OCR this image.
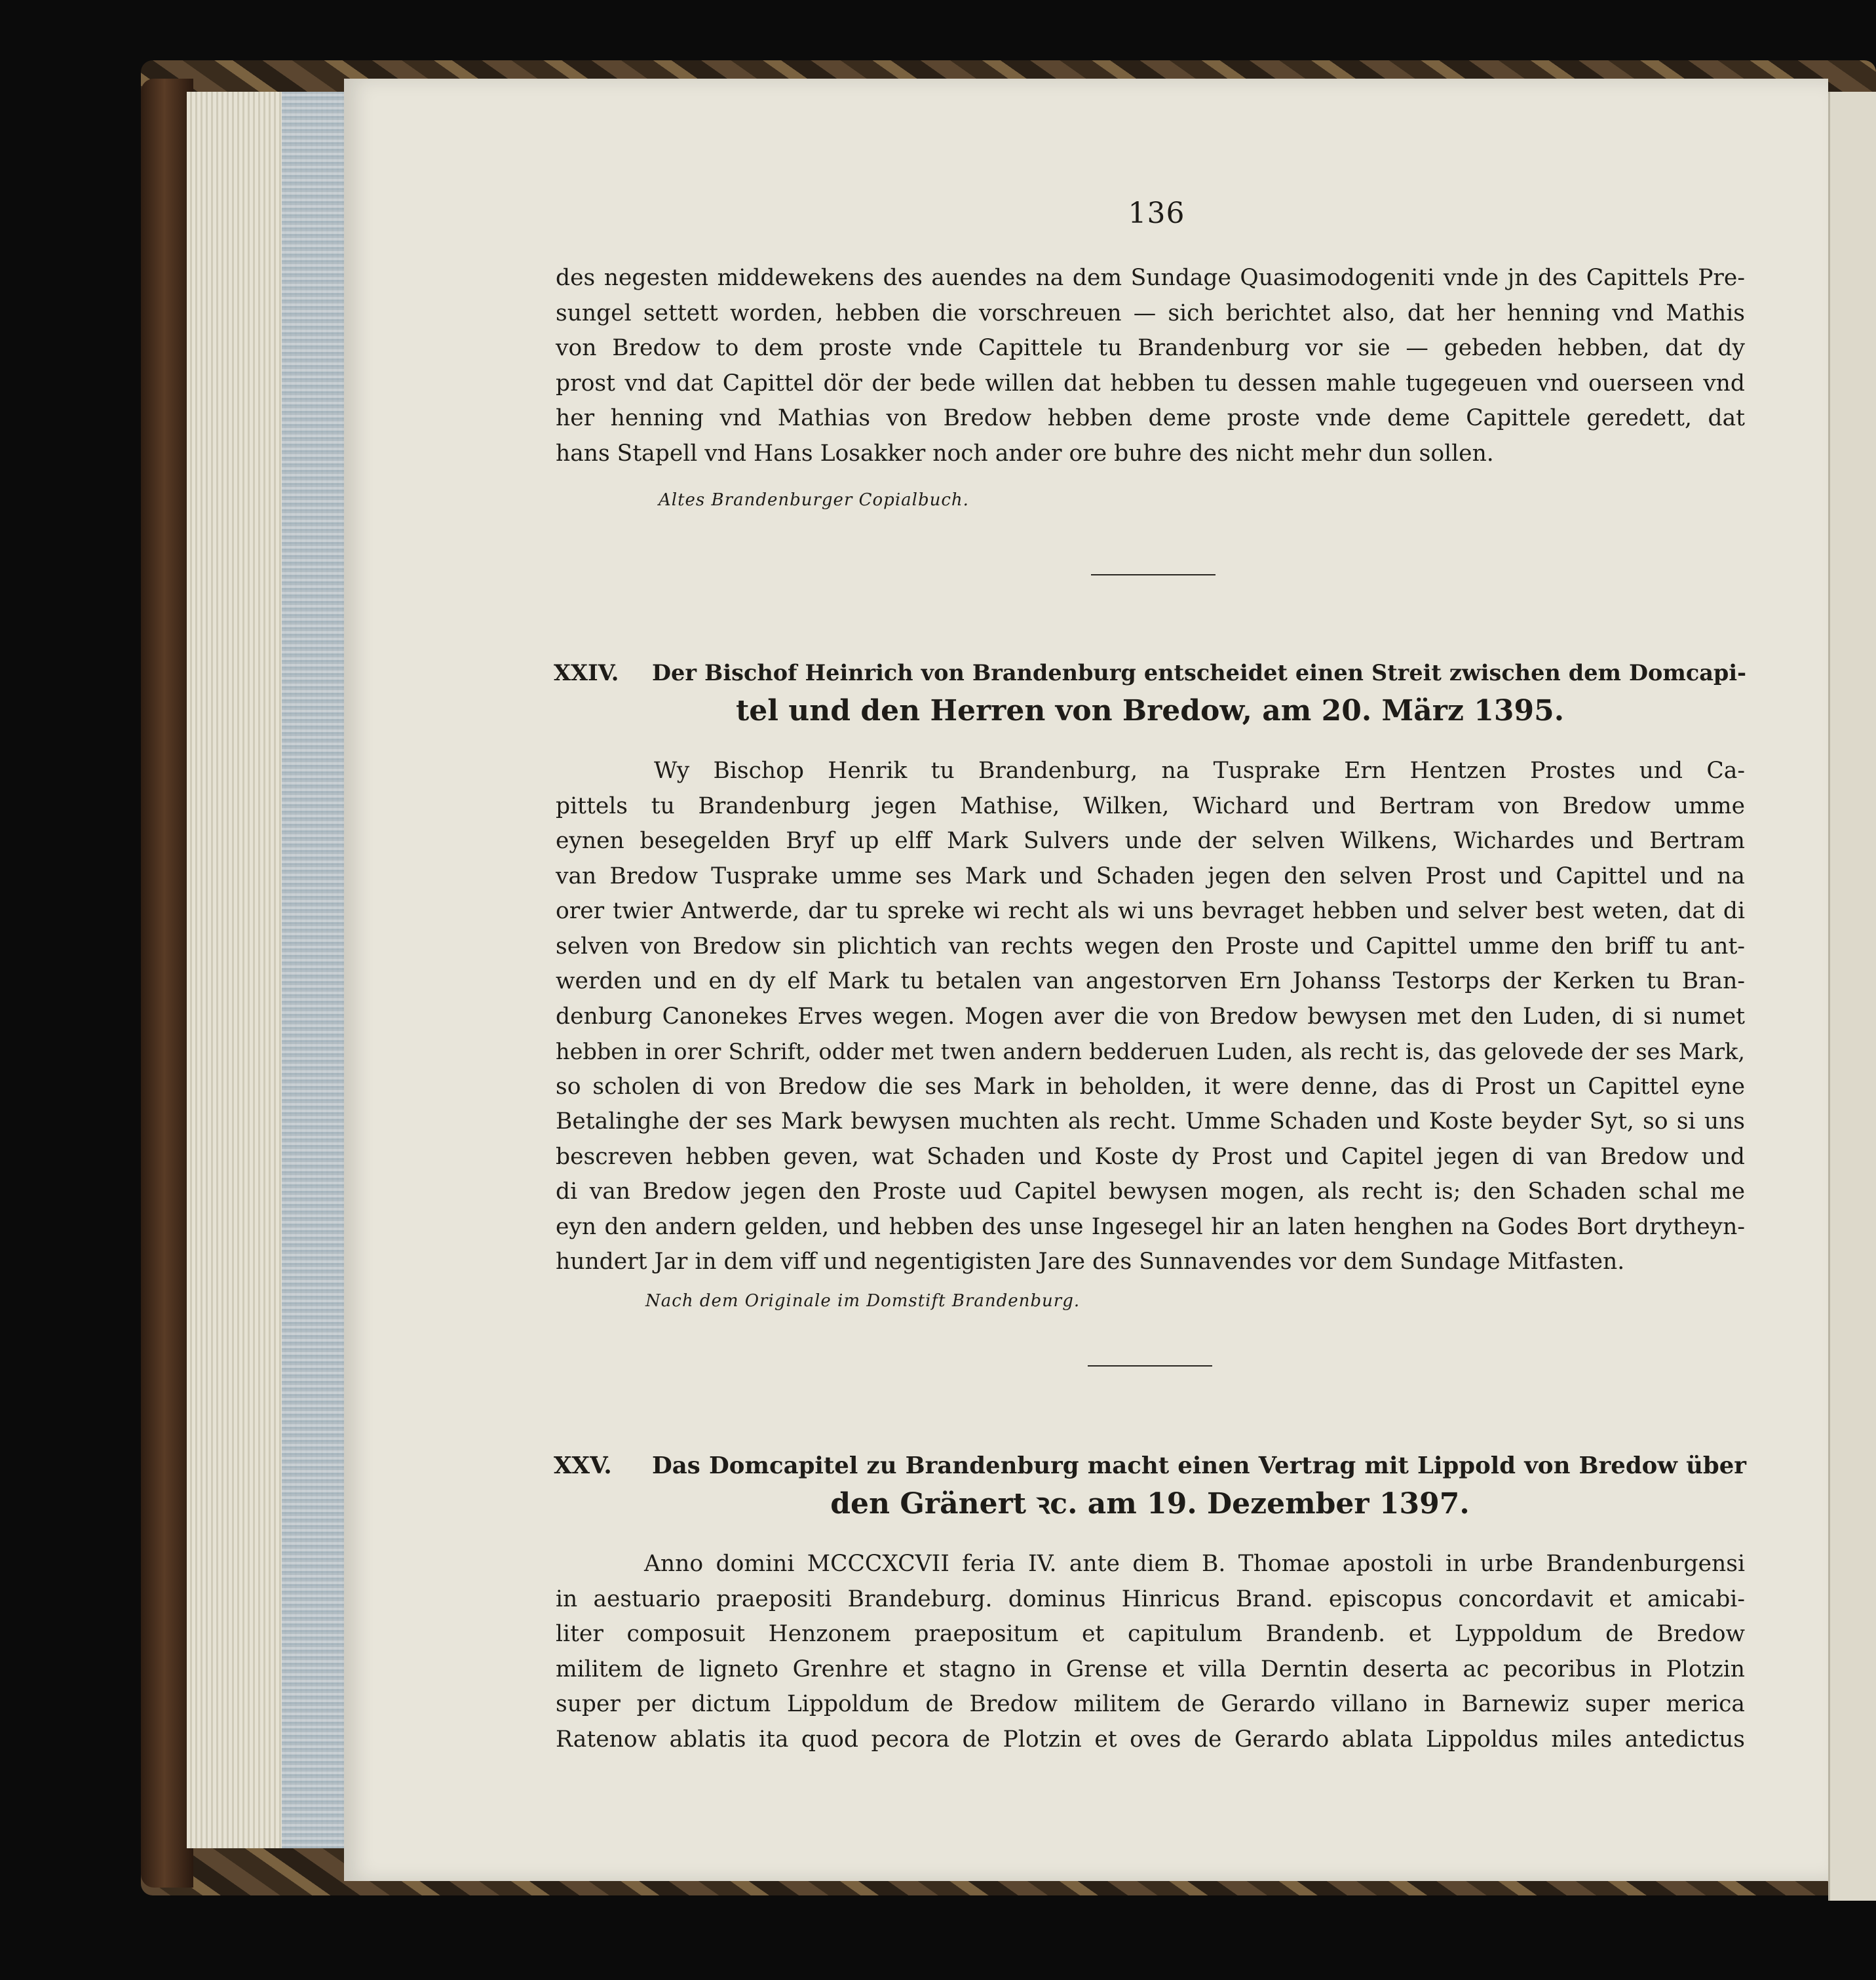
136
des negesten middewekens des auendes na dem Sundage Quasimodogeniti vnde jn des Capittels Pre-
sungel settett worden, hebben die vorschreuen — sich berichtet also, dat her henning vnd Mathis
von Bredow to dem proste vnde Capittele tu Brandenburg vor sie — gebeden hebben, dat dy
prost vnd dat Capittel dör der bede willen dat hebben tu dessen mahle tugegeuen vnd ouerseen vnd
her henning vnd Mathias von Bredow hebben deme proste vnde deme Capittele geredett, dat
hans Stapell vnd Hans Losakker noch ander ore buhre des nicht mehr dun sollen.
Altes Brandenburger Copialbuch.
XXIV. Der Bischof Heinrich von Brandenburg entscheidet einen Streit zwischen dem Domcapi-
tel und den Herren von Bredow, am 20. März 1395.
Wy Bischop Henrik tu Brandenburg, na Tusprake Ern Hentzen Prostes und Ca-
pittels tu Brandenburg jegen Mathise, Wilken, Wichard und Bertram von Bredow umme
eynen besegelden Bryf up elff Mark Sulvers unde der selven Wilkens, Wichardes und Bertram
van Bredow Tusprake umme ses Mark und Schaden jegen den selven Prost und Capittel und na
orer twier Antwerde, dar tu spreke wi recht als wi uns bevraget hebben und selver best weten, dat di
selven von Bredow sin plichtich van rechts wegen den Proste und Capittel umme den briff tu ant-
werden und en dy elf Mark tu betalen van angestorven Ern Johanss Testorps der Kerken tu Bran-
denburg Canonekes Erves wegen. Mogen aver die von Bredow bewysen met den Luden, di si numet
hebben in orer Schrift, odder met twen andern bedderuen Luden, als recht is, das gelovede der ses Mark,
so scholen di von Bredow die ses Mark in beholden, it were denne, das di Prost un Capittel eyne
Betalinghe der ses Mark bewysen muchten als recht. Umme Schaden und Koste beyder Syt, so si uns
bescreven hebben geven, wat Schaden und Koste dy Prost und Capitel jegen di van Bredow und
di van Bredow jegen den Proste uud Capitel bewysen mogen, als recht is; den Schaden schal me
eyn den andern gelden, und hebben des unse Ingesegel hir an laten henghen na Godes Bort drytheyn-
hundert Jar in dem viff und negentigisten Jare des Sunnavendes vor dem Sundage Mitfasten.
Nach dem Originale im Domstift Brandenburg.
XXV. Das Domcapitel zu Brandenburg macht einen Vertrag mit Lippold von Bredow über
den Gränert ꝛc. am 19. Dezember 1397.
Anno domini MCCCXCVII feria IV. ante diem B. Thomae apostoli in urbe Brandenburgensi
in aestuario praepositi Brandeburg. dominus Hinricus Brand. episcopus concordavit et amicabi-
liter composuit Henzonem praepositum et capitulum Brandenb. et Lyppoldum de Bredow
militem de ligneto Grenhre et stagno in Grense et villa Derntin deserta ac pecoribus in Plotzin
super per dictum Lippoldum de Bredow militem de Gerardo villano in Barnewiz super merica
Ratenow ablatis ita quod pecora de Plotzin et oves de Gerardo ablata Lippoldus miles antedictus
